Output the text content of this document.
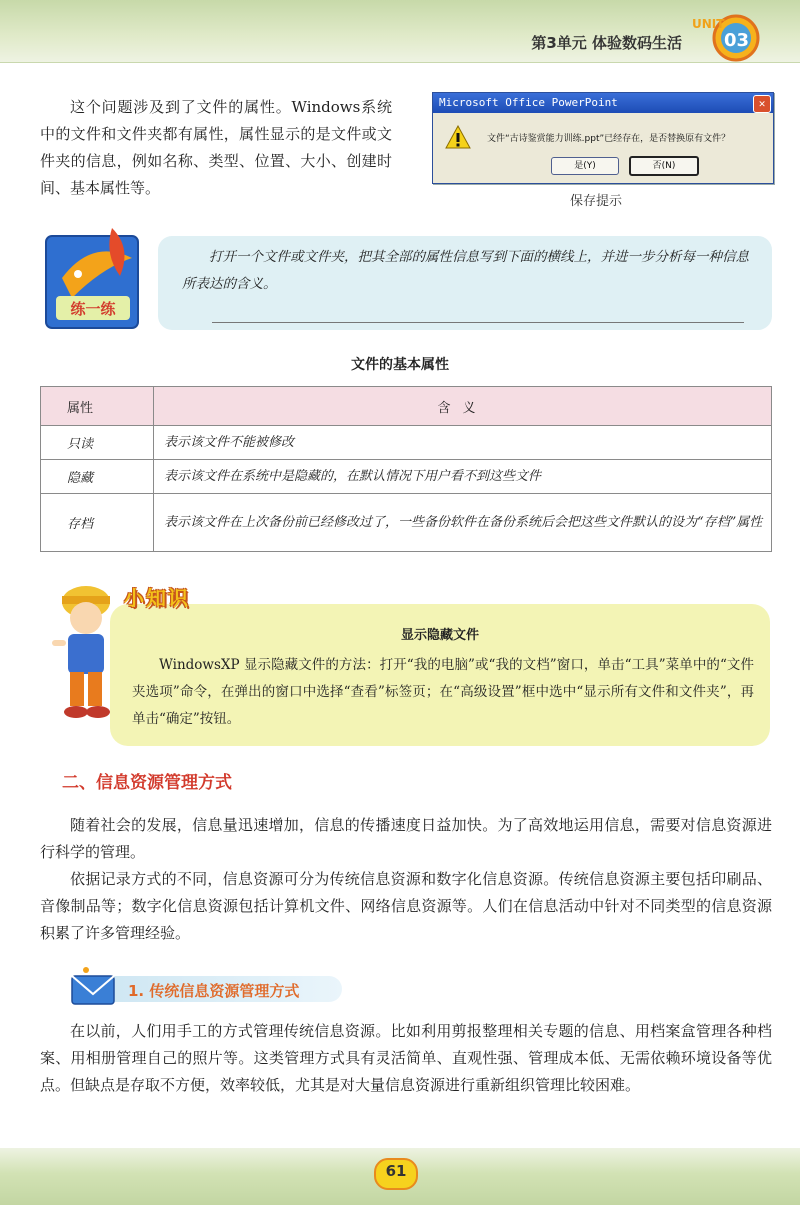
第3单元 体验数码生活
UNIT
03
这个问题涉及到了文件的属性。Windows系统中的文件和文件夹都有属性，属性显示的是文件或文件夹的信息，例如名称、类型、位置、大小、创建时间、基本属性等。
Microsoft Office PowerPoint	✕
文件“古诗鉴赏能力训练.ppt”已经存在，是否替换原有文件？
是(Y)	否(N)
保存提示
练一练
打开一个文件或文件夹，把其全部的属性信息写到下面的横线上，并进一步分析每一种信息所表达的含义。
文件的基本属性
属性	含义
只读	表示该文件不能被修改
隐藏	表示该文件在系统中是隐藏的，在默认情况下用户看不到这些文件
存档	表示该文件在上次备份前已经修改过了，一些备份软件在备份系统后会把这些文件默认的设为“存档”属性
小知识
显示隐藏文件
WindowsXP 显示隐藏文件的方法：打开“我的电脑”或“我的文档”窗口，单击“工具”菜单中的“文件夹选项”命令，在弹出的窗口中选择“查看”标签页；在“高级设置”框中选中“显示所有文件和文件夹”，再单击“确定”按钮。
二、信息资源管理方式
随着社会的发展，信息量迅速增加，信息的传播速度日益加快。为了高效地运用信息，需要对信息资源进行科学的管理。
依据记录方式的不同，信息资源可分为传统信息资源和数字化信息资源。传统信息资源主要包括印刷品、音像制品等；数字化信息资源包括计算机文件、网络信息资源等。人们在信息活动中针对不同类型的信息资源积累了许多管理经验。
1. 传统信息资源管理方式
在以前，人们用手工的方式管理传统信息资源。比如利用剪报整理相关专题的信息、用档案盒管理各种档案、用相册管理自己的照片等。这类管理方式具有灵活简单、直观性强、管理成本低、无需依赖环境设备等优点。但缺点是存取不方便，效率较低，尤其是对大量信息资源进行重新组织管理比较困难。
61
